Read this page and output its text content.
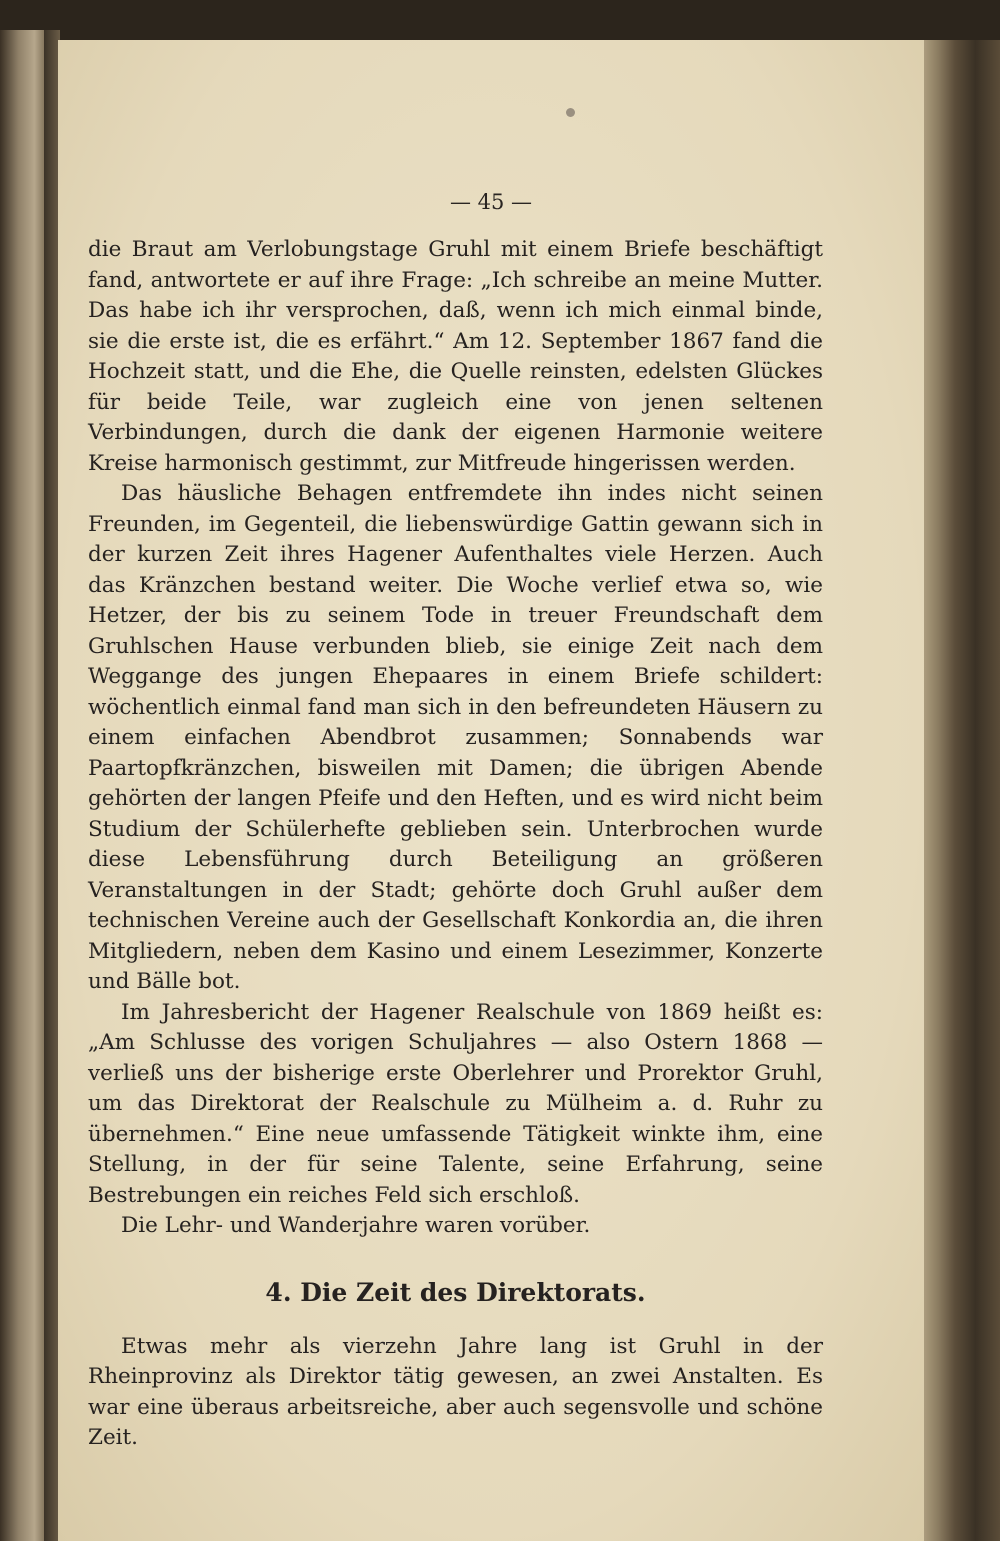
— 45 —

die Braut am Verlobungstage Gruhl mit einem Briefe beschäftigt fand, antwortete er auf ihre Frage: „Ich schreibe an meine Mutter. Das habe ich ihr versprochen, daß, wenn ich mich einmal binde, sie die erste ist, die es erfährt.“ Am 12. September 1867 fand die Hochzeit statt, und die Ehe, die Quelle reinsten, edelsten Glückes für beide Teile, war zugleich eine von jenen seltenen Verbindungen, durch die dank der eigenen Harmonie weitere Kreise harmonisch gestimmt, zur Mitfreude hingerissen werden.

Das häusliche Behagen entfremdete ihn indes nicht seinen Freunden, im Gegenteil, die liebenswürdige Gattin gewann sich in der kurzen Zeit ihres Hagener Aufenthaltes viele Herzen. Auch das Kränzchen bestand weiter. Die Woche verlief etwa so, wie Hetzer, der bis zu seinem Tode in treuer Freundschaft dem Gruhlschen Hause verbunden blieb, sie einige Zeit nach dem Weggange des jungen Ehepaares in einem Briefe schildert: wöchentlich einmal fand man sich in den befreundeten Häusern zu einem einfachen Abendbrot zusammen; Sonnabends war Paartopfkränzchen, bisweilen mit Damen; die übrigen Abende gehörten der langen Pfeife und den Heften, und es wird nicht beim Studium der Schülerhefte geblieben sein. Unterbrochen wurde diese Lebensführung durch Beteiligung an größeren Veranstaltungen in der Stadt; gehörte doch Gruhl außer dem technischen Vereine auch der Gesellschaft Konkordia an, die ihren Mitgliedern, neben dem Kasino und einem Lesezimmer, Konzerte und Bälle bot.

Im Jahresbericht der Hagener Realschule von 1869 heißt es: „Am Schlusse des vorigen Schuljahres — also Ostern 1868 — verließ uns der bisherige erste Oberlehrer und Prorektor Gruhl, um das Direktorat der Realschule zu Mülheim a. d. Ruhr zu übernehmen.“ Eine neue umfassende Tätigkeit winkte ihm, eine Stellung, in der für seine Talente, seine Erfahrung, seine Bestrebungen ein reiches Feld sich erschloß.

Die Lehr- und Wanderjahre waren vorüber.

4. Die Zeit des Direktorats.

Etwas mehr als vierzehn Jahre lang ist Gruhl in der Rheinprovinz als Direktor tätig gewesen, an zwei Anstalten. Es war eine überaus arbeitsreiche, aber auch segensvolle und schöne Zeit.
